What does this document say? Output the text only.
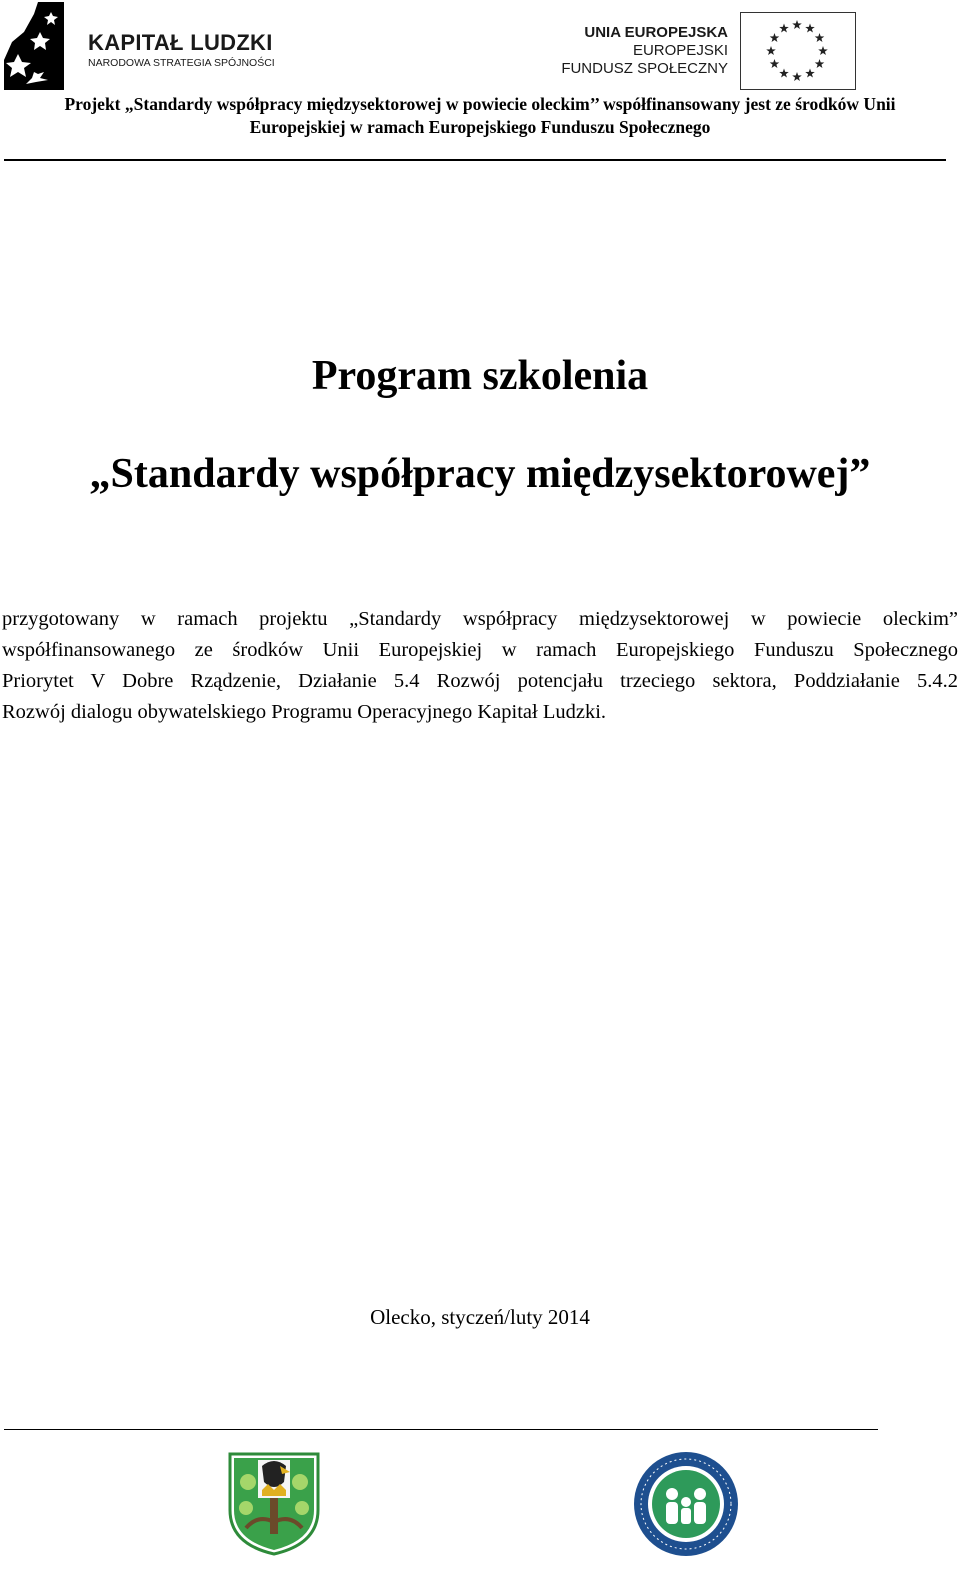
KAPITAŁ LUDZKI
NARODOWA STRATEGIA SPÓJNOŚCI
UNIA EUROPEJSKA
EUROPEJSKI
FUNDUSZ SPOŁECZNY
Projekt „Standardy współpracy międzysektorowej w powiecie oleckim’’ współfinansowany jest ze środków Unii
Europejskiej w ramach Europejskiego Funduszu Społecznego
Program szkolenia
„Standardy współpracy międzysektorowej”
przygotowany w ramach projektu „Standardy współpracy międzysektorowej w powiecie oleckim”
współfinansowanego ze środków Unii Europejskiej w ramach Europejskiego Funduszu Społecznego
Priorytet V Dobre Rządzenie, Działanie 5.4 Rozwój potencjału trzeciego sektora, Poddziałanie 5.4.2
Rozwój dialogu obywatelskiego Programu Operacyjnego Kapitał Ludzki.
Olecko, styczeń/luty 2014
